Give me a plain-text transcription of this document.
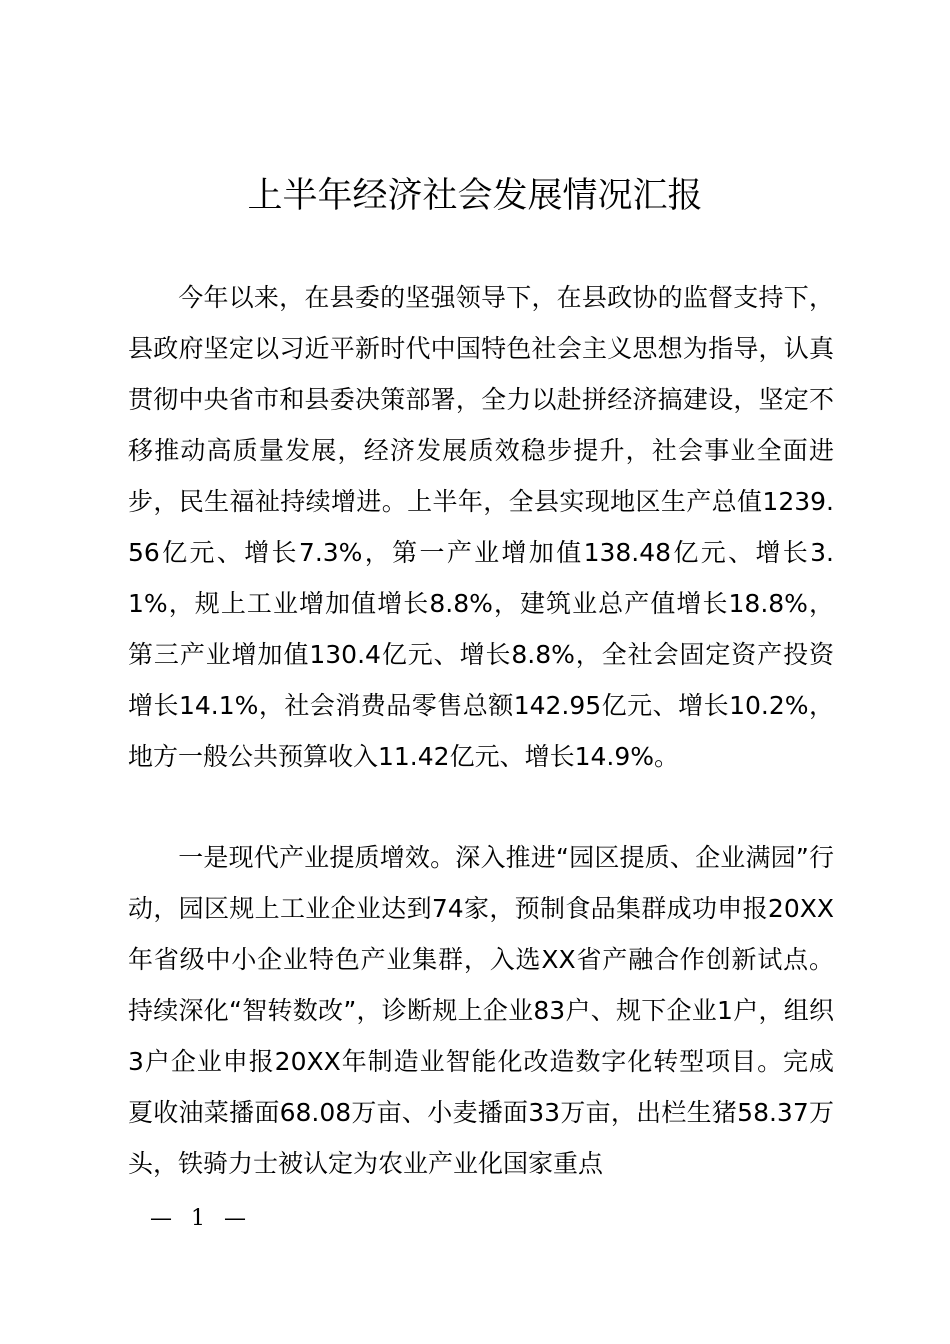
上半年经济社会发展情况汇报

今年以来，在县委的坚强领导下，在县政协的监督支持下，县政府坚定以习近平新时代中国特色社会主义思想为指导，认真贯彻中央省市和县委决策部署，全力以赴拼经济搞建设，坚定不移推动高质量发展，经济发展质效稳步提升，社会事业全面进步，民生福祉持续增进。上半年，全县实现地区生产总值1239.56亿元、增长7.3%，第一产业增加值138.48亿元、增长3.1%，规上工业增加值增长8.8%，建筑业总产值增长18.8%，第三产业增加值130.4亿元、增长8.8%，全社会固定资产投资增长14.1%，社会消费品零售总额142.95亿元、增长10.2%，地方一般公共预算收入11.42亿元、增长14.9%。

一是现代产业提质增效。深入推进“园区提质、企业满园”行动，园区规上工业企业达到74家，预制食品集群成功申报20XX年省级中小企业特色产业集群，入选XX省产融合作创新试点。持续深化“智转数改”，诊断规上企业83户、规下企业1户，组织3户企业申报20XX年制造业智能化改造数字化转型项目。完成夏收油菜播面68.08万亩、小麦播面33万亩，出栏生猪58.37万头，铁骑力士被认定为农业产业化国家重点

— 1 —
